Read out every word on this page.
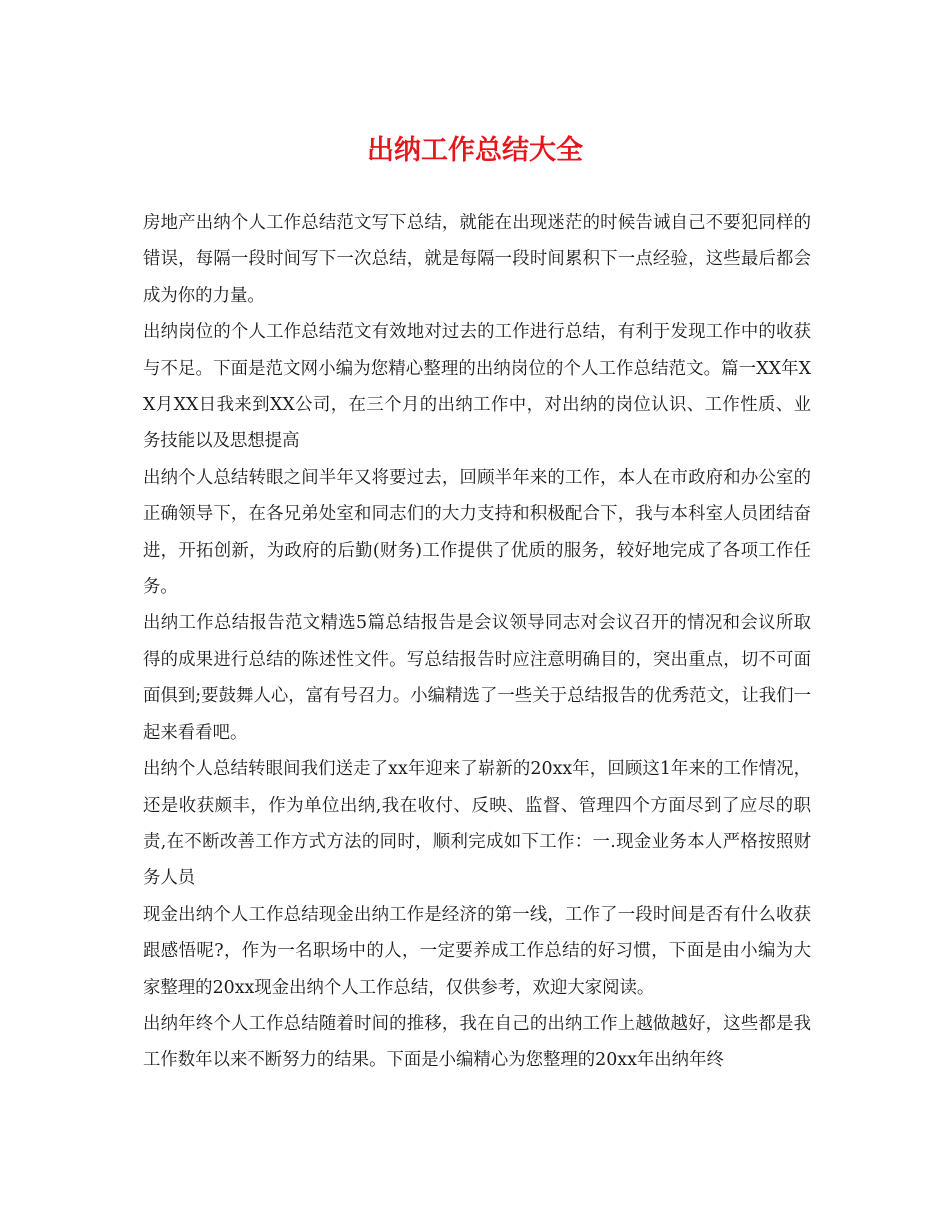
出纳工作总结大全

房地产出纳个人工作总结范文写下总结，就能在出现迷茫的时候告诫自己不要犯同样的错误，每隔一段时间写下一次总结，就是每隔一段时间累积下一点经验，这些最后都会成为你的力量。

出纳岗位的个人工作总结范文有效地对过去的工作进行总结，有利于发现工作中的收获与不足。下面是范文网小编为您精心整理的出纳岗位的个人工作总结范文。篇一XX年XX月XX日我来到XX公司，在三个月的出纳工作中，对出纳的岗位认识、工作性质、业务技能以及思想提高

出纳个人总结转眼之间半年又将要过去，回顾半年来的工作，本人在市政府和办公室的正确领导下，在各兄弟处室和同志们的大力支持和积极配合下，我与本科室人员团结奋进，开拓创新，为政府的后勤(财务)工作提供了优质的服务，较好地完成了各项工作任务。

出纳工作总结报告范文精选5篇总结报告是会议领导同志对会议召开的情况和会议所取得的成果进行总结的陈述性文件。写总结报告时应注意明确目的，突出重点，切不可面面俱到;要鼓舞人心，富有号召力。小编精选了一些关于总结报告的优秀范文，让我们一起来看看吧。

出纳个人总结转眼间我们送走了xx年迎来了崭新的20xx年，回顾这1年来的工作情况，还是收获颇丰，作为单位出纳,我在收付、反映、监督、管理四个方面尽到了应尽的职责,在不断改善工作方式方法的同时，顺利完成如下工作：一.现金业务本人严格按照财务人员

现金出纳个人工作总结现金出纳工作是经济的第一线，工作了一段时间是否有什么收获跟感悟呢?，作为一名职场中的人，一定要养成工作总结的好习惯，下面是由小编为大家整理的20xx现金出纳个人工作总结，仅供参考，欢迎大家阅读。

出纳年终个人工作总结随着时间的推移，我在自己的出纳工作上越做越好，这些都是我工作数年以来不断努力的结果。下面是小编精心为您整理的20xx年出纳年终
